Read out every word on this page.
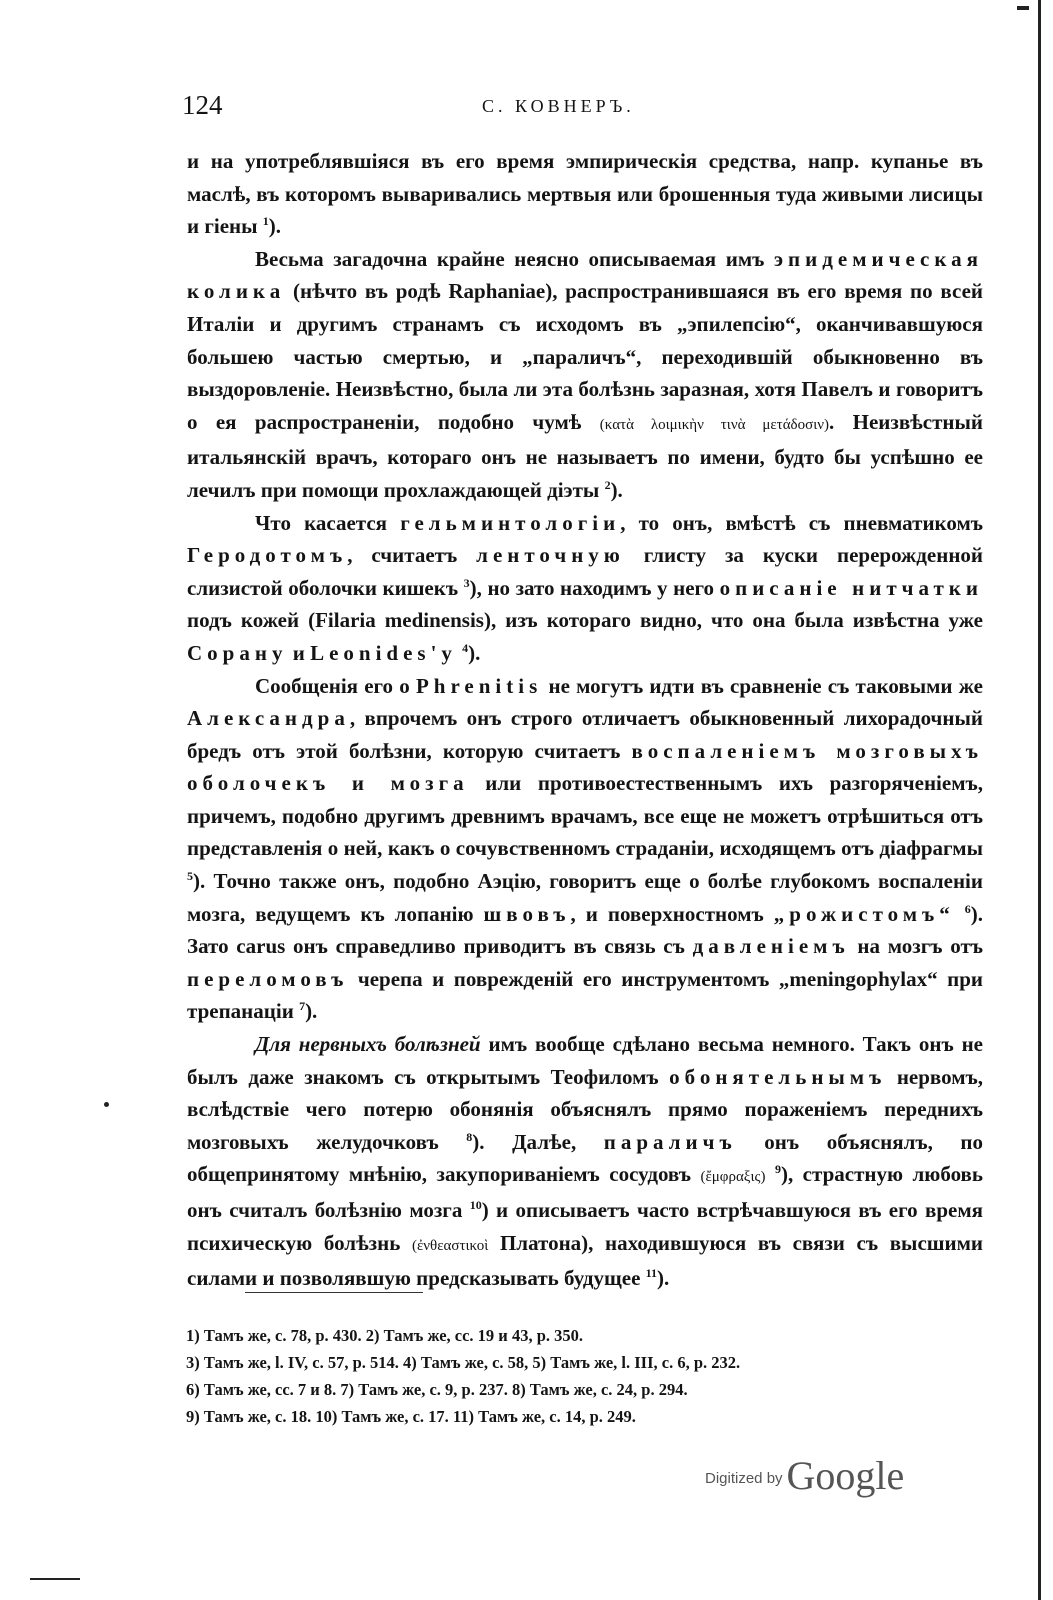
124	С. КОВНЕРЪ.

и на употреблявшіяся въ его время эмпирическія средства, напр. купанье въ маслѣ, въ которомъ вываривались мертвыя или брошенныя туда живыми лисицы и гіены $^1$).

Весьма загадочна крайне неясно описываемая имъ эпидемическая колика (нѣчто въ родѣ Raphaniae), распространившаяся въ его время по всей Италіи и другимъ странамъ съ исходомъ въ „эпилепсію“, оканчивавшуюся большею частью смертью, и „параличъ“, переходившій обыкновенно въ выздоровленіе. Неизвѣстно, была ли эта болѣзнь заразная, хотя Павелъ и говоритъ о ея распространеніи, подобно чумѣ (κατὰ λοιμικὴν τινὰ μετάδοσιν). Неизвѣстный итальянскій врачъ, котораго онъ не называетъ по имени, будто бы успѣшно ее лечилъ при помощи прохлаждающей діэты $^2$).

Что касается гельминтологіи, то онъ, вмѣстѣ съ пневматикомъ Геродотомъ, считаетъ ленточную глисту за куски перерожденной слизистой оболочки кишекъ $^3$), но зато находимъ у него описаніе нитчатки подъ кожей (Filaria medinensis), изъ котораго видно, что она была извѣстна уже Сорану и Leonides'у $^4$).

Сообщенія его о Phrenitis не могутъ идти въ сравненіе съ таковыми же Александра, впрочемъ онъ строго отличаетъ обыкновенный лихорадочный бредъ отъ этой болѣзни, которую считаетъ воспаленіемъ мозговыхъ оболочекъ и мозга или противоестественнымъ ихъ разгоряченіемъ, причемъ, подобно другимъ древнимъ врачамъ, все еще не можетъ отрѣшиться отъ представленія о ней, какъ о сочувственномъ страданіи, исходящемъ отъ діафрагмы $^5$). Точно также онъ, подобно Аэцію, говоритъ еще о болѣе глубокомъ воспаленіи мозга, ведущемъ къ лопанію швовъ, и поверхностномъ „рожистомъ“ $^6$). Зато carus онъ справедливо приводитъ въ связь съ давленіемъ на мозгъ отъ переломовъ черепа и поврежденій его инструментомъ „meningophylax“ при трепанаціи $^7$).

Для нервныхъ болѣзней имъ вообще сдѣлано весьма немного. Такъ онъ не былъ даже знакомъ съ открытымъ Теофиломъ обонятельнымъ нервомъ, вслѣдствіе чего потерю обонянія объяснялъ прямо пораженіемъ переднихъ мозговыхъ желудочковъ $^8$). Далѣе, параличъ онъ объяснялъ, по общепринятому мнѣнію, закупориваніемъ сосудовъ (ἔμφραξις) $^9$), страстную любовь онъ считалъ болѣзнію мозга $^{10}$) и описываетъ часто встрѣчавшуюся въ его время психическую болѣзнь (ἐνθεαστικοὶ Платона), находившуюся въ связи съ высшими силами и позволявшую предсказывать будущее $^{11}$).

1) Тамъ же, с. 78, р. 430. 2) Тамъ же, сс. 19 и 43, р. 350.
3) Тамъ же, l. IV, с. 57, р. 514. 4) Тамъ же, с. 58, 5) Тамъ же, l. III, с. 6, р. 232.
6) Тамъ же, сс. 7 и 8. 7) Тамъ же, с. 9, р. 237. 8) Тамъ же, с. 24, р. 294.
9) Тамъ же, с. 18. 10) Тамъ же, с. 17. 11) Тамъ же, с. 14, р. 249.
Digitized by Google
